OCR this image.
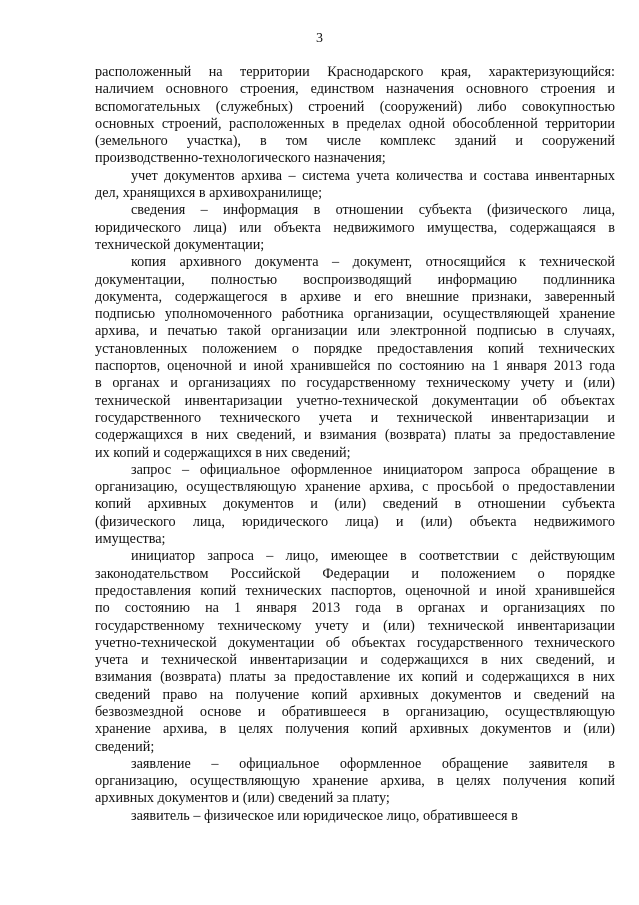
3
расположенный на территории Краснодарского края, характеризующийся:
наличием основного строения, единством назначения основного строения и
вспомогательных (служебных) строений (сооружений) либо совокупностью
основных строений, расположенных в пределах одной обособленной территории
(земельного участка), в том числе комплекс зданий и сооружений
производственно-технологического назначения;
учет документов архива – система учета количества и состава инвентарных
дел, хранящихся в архивохранилище;
сведения – информация в отношении субъекта (физического лица,
юридического лица) или объекта недвижимого имущества, содержащаяся в
технической документации;
копия архивного документа – документ, относящийся к технической
документации, полностью воспроизводящий информацию подлинника
документа, содержащегося в архиве и его внешние признаки, заверенный
подписью уполномоченного работника организации, осуществляющей хранение
архива, и печатью такой организации или электронной подписью в случаях,
установленных положением о порядке предоставления копий технических
паспортов, оценочной и иной хранившейся по состоянию на 1 января 2013 года
в органах и организациях по государственному техническому учету и (или)
технической инвентаризации учетно-технической документации об объектах
государственного технического учета и технической инвентаризации и
содержащихся в них сведений, и взимания (возврата) платы за предоставление
их копий и содержащихся в них сведений;
запрос – официальное оформленное инициатором запроса обращение в
организацию, осуществляющую хранение архива, с просьбой о предоставлении
копий архивных документов и (или) сведений в отношении субъекта
(физического лица, юридического лица) и (или) объекта недвижимого
имущества;
инициатор запроса – лицо, имеющее в соответствии с действующим
законодательством Российской Федерации и положением о порядке
предоставления копий технических паспортов, оценочной и иной хранившейся
по состоянию на 1 января 2013 года в органах и организациях по
государственному техническому учету и (или) технической инвентаризации
учетно-технической документации об объектах государственного технического
учета и технической инвентаризации и содержащихся в них сведений, и
взимания (возврата) платы за предоставление их копий и содержащихся в них
сведений право на получение копий архивных документов и сведений на
безвозмездной основе и обратившееся в организацию, осуществляющую
хранение архива, в целях получения копий архивных документов и (или)
сведений;
заявление – официальное оформленное обращение заявителя в
организацию, осуществляющую хранение архива, в целях получения копий
архивных документов и (или) сведений за плату;
заявитель – физическое или юридическое лицо, обратившееся в
